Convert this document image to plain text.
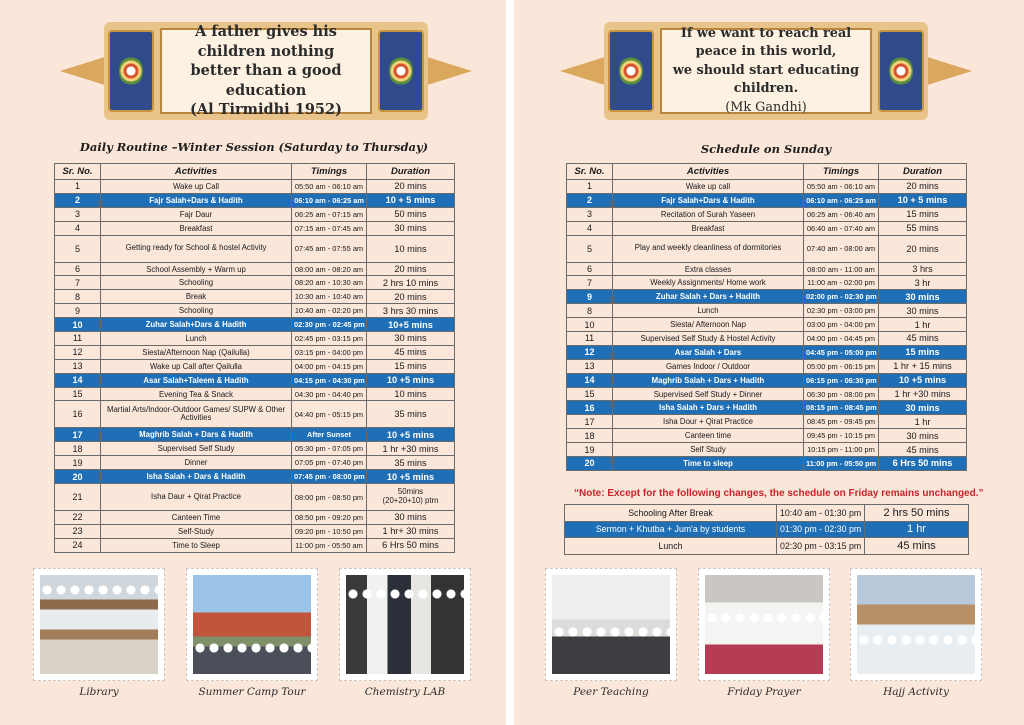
A father gives his children nothing
better than a good education
(Al Tirmidhi 1952)
Daily Routine –Winter Session (Saturday to Thursday)
Sr. No.	Activities	Timings	Duration
1	Wake up Call	05:50 am - 06:10 am	20 mins
2	Fajr Salah+Dars & Hadith	06:10 am - 06:25 am	10 + 5 mins
3	Fajr Daur	06:25 am - 07:15 am	50 mins
4	Breakfast	07:15 am - 07:45 am	30 mins
5	Getting ready for School & hostel Activity	07:45 am - 07:55 am	10 mins
6	School Assembly + Warm up	08:00 am - 08:20 am	20 mins
7	Schooling	08:20 am - 10:30 am	2 hrs 10 mins
8	Break	10:30 am - 10:40 am	20 mins
9	Schooling	10:40 am - 02:20 pm	3 hrs 30 mins
10	Zuhar Salah+Dars & Hadith	02:30 pm - 02:45 pm	10+5 mins
11	Lunch	02:45 pm - 03:15 pm	30 mins
12	Siesta/Afternoon Nap (Qailulla)	03:15 pm - 04:00 pm	45 mins
13	Wake up Call after Qailulla	04:00 pm - 04:15 pm	15 mins
14	Asar Salah+Taleem & Hadith	04:15 pm - 04:30 pm	10 +5 mins
15	Evening Tea & Snack	04:30 pm - 04:40 pm	10 mins
16	Martial Arts/Indoor-Outdoor Games/ SUPW & Other Activities	04:40 pm - 05:15 pm	35 mins
17	Maghrib Salah + Dars & Hadith	After Sunset	10 +5 mins
18	Supervised Self Study	05:30 pm - 07:05 pm	1 hr +30 mins
19	Dinner	07:05 pm - 07:40 pm	35 mins
20	Isha Salah + Dars & Hadith	07:45 pm - 08:00 pm	10 +5 mins
21	Isha Daur + Qirat Practice	08:00 pm - 08:50 pm	50mins
(20+20+10) ptrn

22	Canteen Time	08:50 pm - 09:20 pm	30 mins
23	Self-Study	09:20 pm - 10:50 pm	1 hr+ 30 mins
24	Time to Sleep	11:00 pm - 05:50 am	6 Hrs 50 mins
Library	Summer Camp Tour	Chemistry LAB
If we want to reach real peace in this world,
we should start educating children.
(Mk Gandhi)
Schedule on Sunday
Sr. No.	Activities	Timings	Duration
1	Wake up call	05:50 am - 06:10 am	20 mins
2	Fajr Salah+Dars & Hadith	06:10 am - 06:25 am	10 + 5 mins
3	Recitation of Surah Yaseen	06:25 am - 06:40 am	15 mins
4	Breakfast	06:40 am - 07:40 am	55 mins
5	Play and weekly cleanliness of dormitories	07:40 am - 08:00 am	20 mins
6	Extra classes	08:00 am - 11:00 am	3 hrs
7	Weekly Assignments/ Home work	11:00 am - 02:00 pm	3 hr
9	Zuhar Salah + Dars + Hadith	02:00 pm - 02:30 pm	30 mins
8	Lunch	02:30 pm - 03:00 pm	30 mins
10	Siesta/ Afternoon Nap	03:00 pm - 04:00 pm	1 hr
11	Supervised Self Study & Hostel Activity	04:00 pm - 04:45 pm	45 mins
12	Asar Salah + Dars	04:45 pm - 05:00 pm	15 mins
13	Games Indoor / Outdoor	05:00 pm - 06:15 pm	1 hr + 15 mins
14	Maghrib Salah + Dars + Hadith	06:15 pm - 06:30 pm	10 +5 mins
15	Supervised Self Study + Dinner	06:30 pm - 08:00 pm	1 hr +30 mins
16	Isha Salah + Dars + Hadith	08:15 pm - 08:45 pm	30 mins
17	Isha Dour + Qirat Practice	08:45 pm - 09:45 pm	1 hr
18	Canteen time	09:45 pm - 10:15 pm	30 mins
19	Self Study	10:15 pm - 11:00 pm	45 mins
20	Time to sleep	11:00 pm - 05:50 pm	6 Hrs 50 mins
“Note: Except for the following changes, the schedule on Friday remains unchanged.”
Schooling After Break	10:40 am - 01:30 pm	2 hrs 50 mins
Sermon + Khutba + Jum'a by students	01:30 pm - 02:30 pm	1 hr
Lunch	02:30 pm - 03:15 pm	45 mins
Peer Teaching	Friday Prayer	Hajj Activity
